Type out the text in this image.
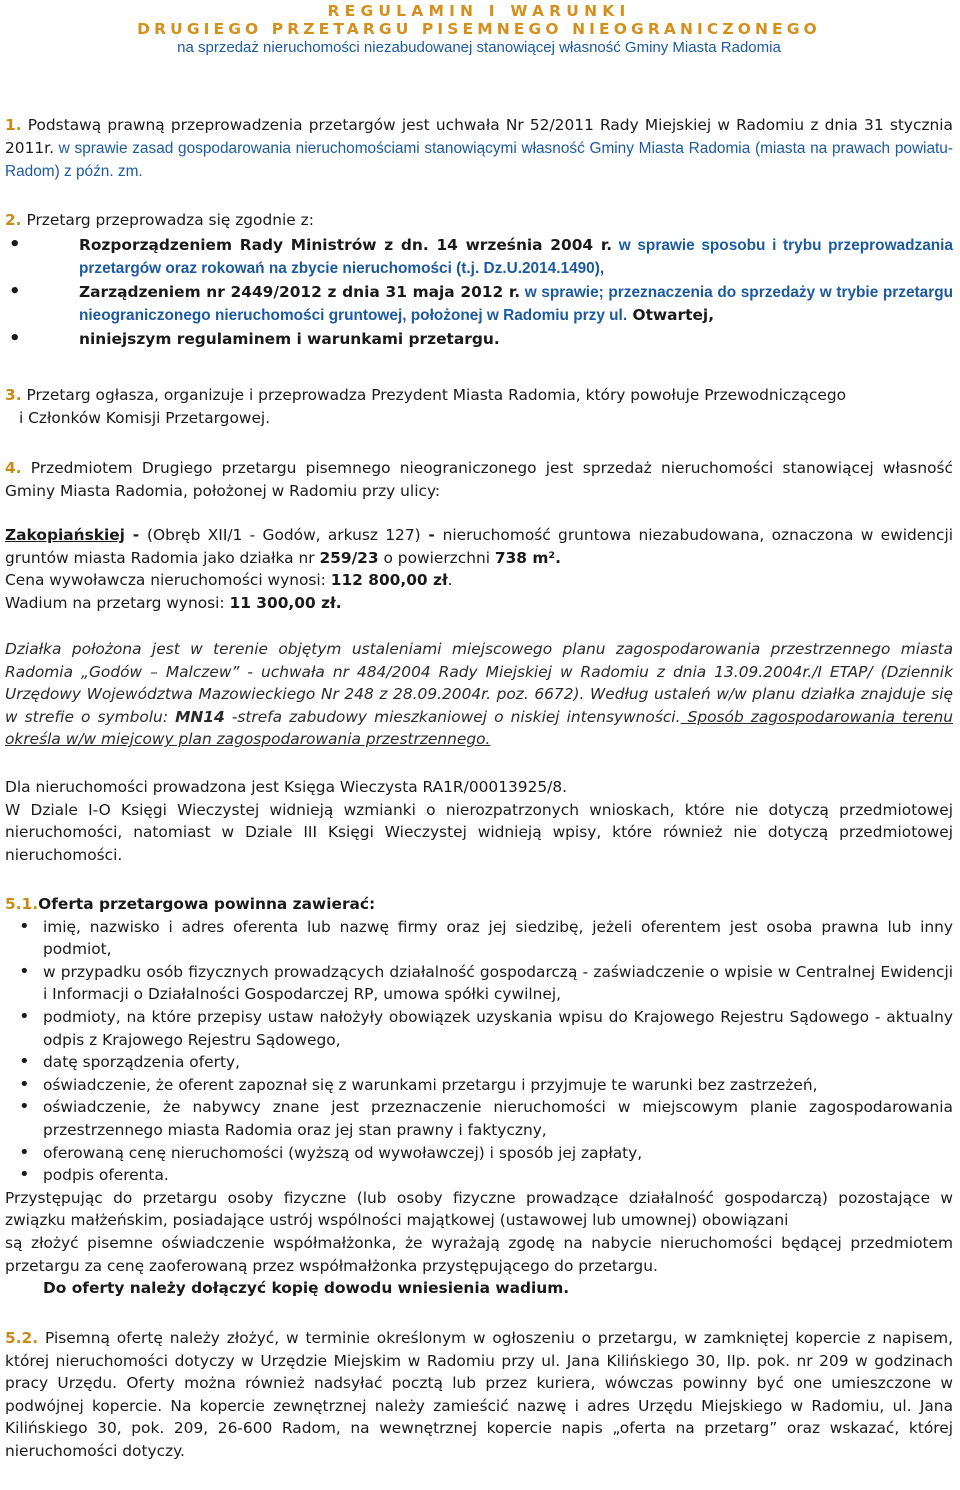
REGULAMIN I WARUNKI
DRUGIEGO PRZETARGU PISEMNEGO NIEOGRANICZONEGO
na sprzedaż nieruchomości niezabudowanej stanowiącej własność Gminy Miasta Radomia

1. Podstawą prawną przeprowadzenia przetargów jest uchwała Nr 52/2011 Rady Miejskiej w Radomiu z dnia 31 stycznia 2011r. w sprawie zasad gospodarowania nieruchomościami stanowiącymi własność Gminy Miasta Radomia (miasta na prawach powiatu-Radom) z późn. zm.

2. Przetarg przeprowadza się zgodnie z:

• Rozporządzeniem Rady Ministrów z dn. 14 września 2004 r. w sprawie sposobu i trybu przeprowadzania przetargów oraz rokowań na zbycie nieruchomości (t.j. Dz.U.2014.1490),
• Zarządzeniem nr 2449/2012 z dnia 31 maja 2012 r. w sprawie; przeznaczenia do sprzedaży w trybie przetargu nieograniczonego nieruchomości gruntowej, położonej w Radomiu przy ul. Otwartej,
• niniejszym regulaminem i warunkami przetargu.

3. Przetarg ogłasza, organizuje i przeprowadza Prezydent Miasta Radomia, który powołuje Przewodniczącego

i Członków Komisji Przetargowej.

4. Przedmiotem Drugiego przetargu pisemnego nieograniczonego jest sprzedaż nieruchomości stanowiącej własność Gminy Miasta Radomia, położonej w Radomiu przy ulicy:

Zakopiańskiej - (Obręb XII/1 - Godów, arkusz 127) - nieruchomość gruntowa niezabudowana, oznaczona w ewidencji gruntów miasta Radomia jako działka nr 259/23 o powierzchni 738 m².

Cena wywoławcza nieruchomości wynosi: 112 800,00 zł.

Wadium na przetarg wynosi: 11 300,00 zł.

Działka położona jest w terenie objętym ustaleniami miejscowego planu zagospodarowania przestrzennego miasta Radomia „Godów – Malczew” - uchwała nr 484/2004 Rady Miejskiej w Radomiu z dnia 13.09.2004r./I ETAP/ (Dziennik Urzędowy Województwa Mazowieckiego Nr 248 z 28.09.2004r. poz. 6672). Według ustaleń w/w planu działka znajduje się w strefie o symbolu: MN14 -strefa zabudowy mieszkaniowej o niskiej intensywności. Sposób zagospodarowania terenu określa w/w miejcowy plan zagospodarowania przestrzennego.

Dla nieruchomości prowadzona jest Księga Wieczysta RA1R/00013925/8.

W Dziale I-O Księgi Wieczystej widnieją wzmianki o nierozpatrzonych wnioskach, które nie dotyczą przedmiotowej nieruchomości, natomiast w Dziale III Księgi Wieczystej widnieją wpisy, które również nie dotyczą przedmiotowej nieruchomości.

5.1.Oferta przetargowa powinna zawierać:

• imię, nazwisko i adres oferenta lub nazwę firmy oraz jej siedzibę, jeżeli oferentem jest osoba prawna lub inny podmiot,
• w przypadku osób fizycznych prowadzących działalność gospodarczą - zaświadczenie o wpisie w Centralnej Ewidencji i Informacji o Działalności Gospodarczej RP, umowa spółki cywilnej,
• podmioty, na które przepisy ustaw nałożyły obowiązek uzyskania wpisu do Krajowego Rejestru Sądowego - aktualny odpis z Krajowego Rejestru Sądowego,
• datę sporządzenia oferty,
• oświadczenie, że oferent zapoznał się z warunkami przetargu i przyjmuje te warunki bez zastrzeżeń,
• oświadczenie, że nabywcy znane jest przeznaczenie nieruchomości w miejscowym planie zagospodarowania przestrzennego miasta Radomia oraz jej stan prawny i faktyczny,
• oferowaną cenę nieruchomości (wyższą od wywoławczej) i sposób jej zapłaty,
• podpis oferenta.

Przystępując do przetargu osoby fizyczne (lub osoby fizyczne prowadzące działalność gospodarczą) pozostające w związku małżeńskim, posiadające ustrój wspólności majątkowej (ustawowej lub umownej) obowiązani

są złożyć pisemne oświadczenie współmałżonka, że wyrażają zgodę na nabycie nieruchomości będącej przedmiotem przetargu za cenę zaoferowaną przez współmałżonka przystępującego do przetargu.

Do oferty należy dołączyć kopię dowodu wniesienia wadium.

5.2. Pisemną ofertę należy złożyć, w terminie określonym w ogłoszeniu o przetargu, w zamkniętej kopercie z napisem, której nieruchomości dotyczy w Urzędzie Miejskim w Radomiu przy ul. Jana Kilińskiego 30, IIp. pok. nr 209 w godzinach pracy Urzędu. Oferty można również nadsyłać pocztą lub przez kuriera, wówczas powinny być one umieszczone w podwójnej kopercie. Na kopercie zewnętrznej należy zamieścić nazwę i adres Urzędu Miejskiego w Radomiu, ul. Jana Kilińskiego 30, pok. 209, 26-600 Radom, na wewnętrznej kopercie napis „oferta na przetarg” oraz wskazać, której nieruchomości dotyczy.
